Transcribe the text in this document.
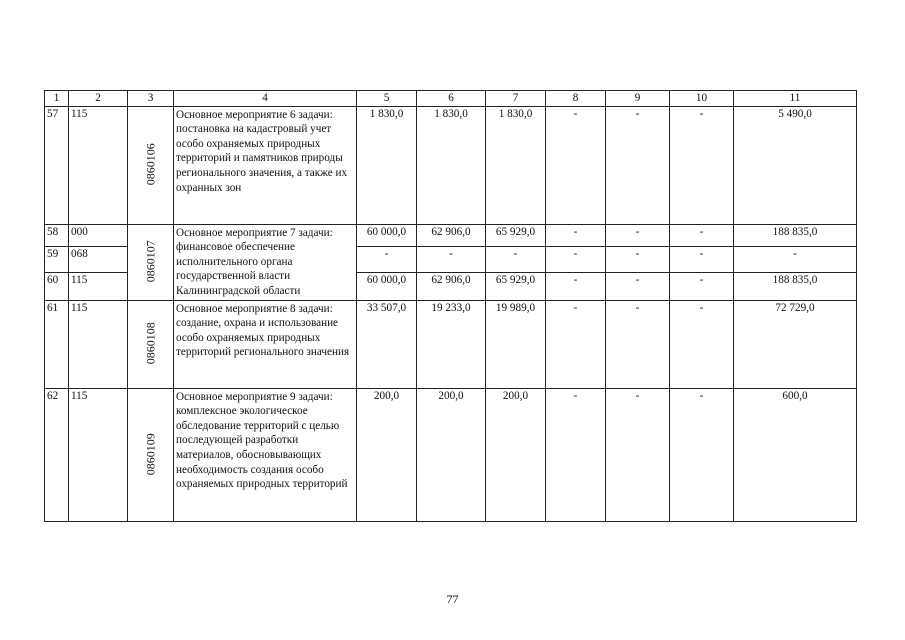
1	2	3	4	5	6	7	8	9	10	11
57	115	0860106	Основное мероприятие 6 задачи: постановка на кадастровый учет особо охраняемых природных территорий и памятников природы регионального значения, а также их охранных зон	1 830,0	1 830,0	1 830,0	-	-	-	5 490,0
58	000	0860107	Основное мероприятие 7 задачи: финансовое обеспечение исполнительного органа государственной власти Калининградской области	60 000,0	62 906,0	65 929,0	-	-	-	188 835,0
59	068			-	-	-	-	-	-	-
60	115			60 000,0	62 906,0	65 929,0	-	-	-	188 835,0
61	115	0860108	Основное мероприятие 8 задачи: создание, охрана и использование особо охраняемых природных территорий регионального значения	33 507,0	19 233,0	19 989,0	-	-	-	72 729,0
62	115	0860109	Основное мероприятие 9 задачи: комплексное экологическое обследование территорий с целью последующей разработки материалов, обосновывающих необходимость создания особо охраняемых природных территорий	200,0	200,0	200,0	-	-	-	600,0
77
